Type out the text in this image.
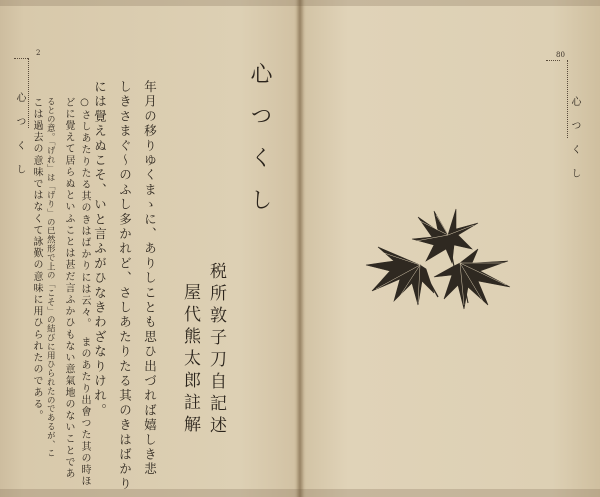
2
心つくし	年月の移りゆくまゝに、ありしことも思ひ出づれば嬉しき悲
しきさまぐ〜のふし多かれど、さしあたりたる其のきはばかり
には覺えぬこそ、いと言ふがひなきわざなりけれ。
○さしあたりたる其のきはばかりには云々。　まのあたり出會つた其の時ほ
どに覺えて居らぬといふことは甚だ言ふかひもない意氣地のないことであ
るとの意。「げれ」は「げり」の已然形で上の「こそ」の結びに用ひられたのであるが、こ
こは過去の意味ではなくて詠歎の意味に用ひられたのである。	税所敦子刀自記述
屋代熊太郎註解
心つくし
80
心つくし
